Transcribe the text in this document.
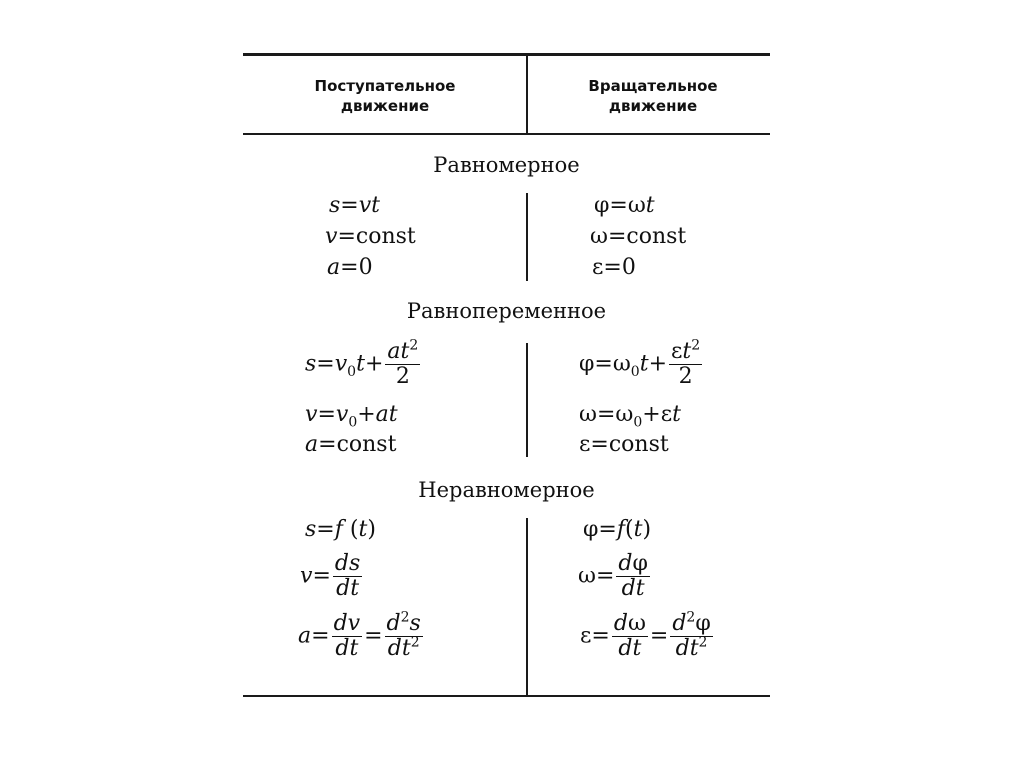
Поступательное
движение
Вращательное
движение
Равномерное
Равнопеременное
Неравномерное
s=vt
v=const
a=0
φ=ωt
ω=const
ε=0
$s=v_0t+ \frac{at^2}{2}$
$v=v_0+at$
a=const
$\varphi=\omega_0t+ \frac{\varepsilon t^2}{2}$
$\omega=\omega_0+\varepsilon t$
ε=const
s=f (t)
$v= \frac{ds}{dt}$
$a= \frac{dv}{dt} = \frac{d^2s}{dt^2}$
φ=f(t)
$\omega= \frac{d\varphi}{dt}$
$\varepsilon= \frac{d\omega}{dt} = \frac{d^2\varphi}{dt^2}$
